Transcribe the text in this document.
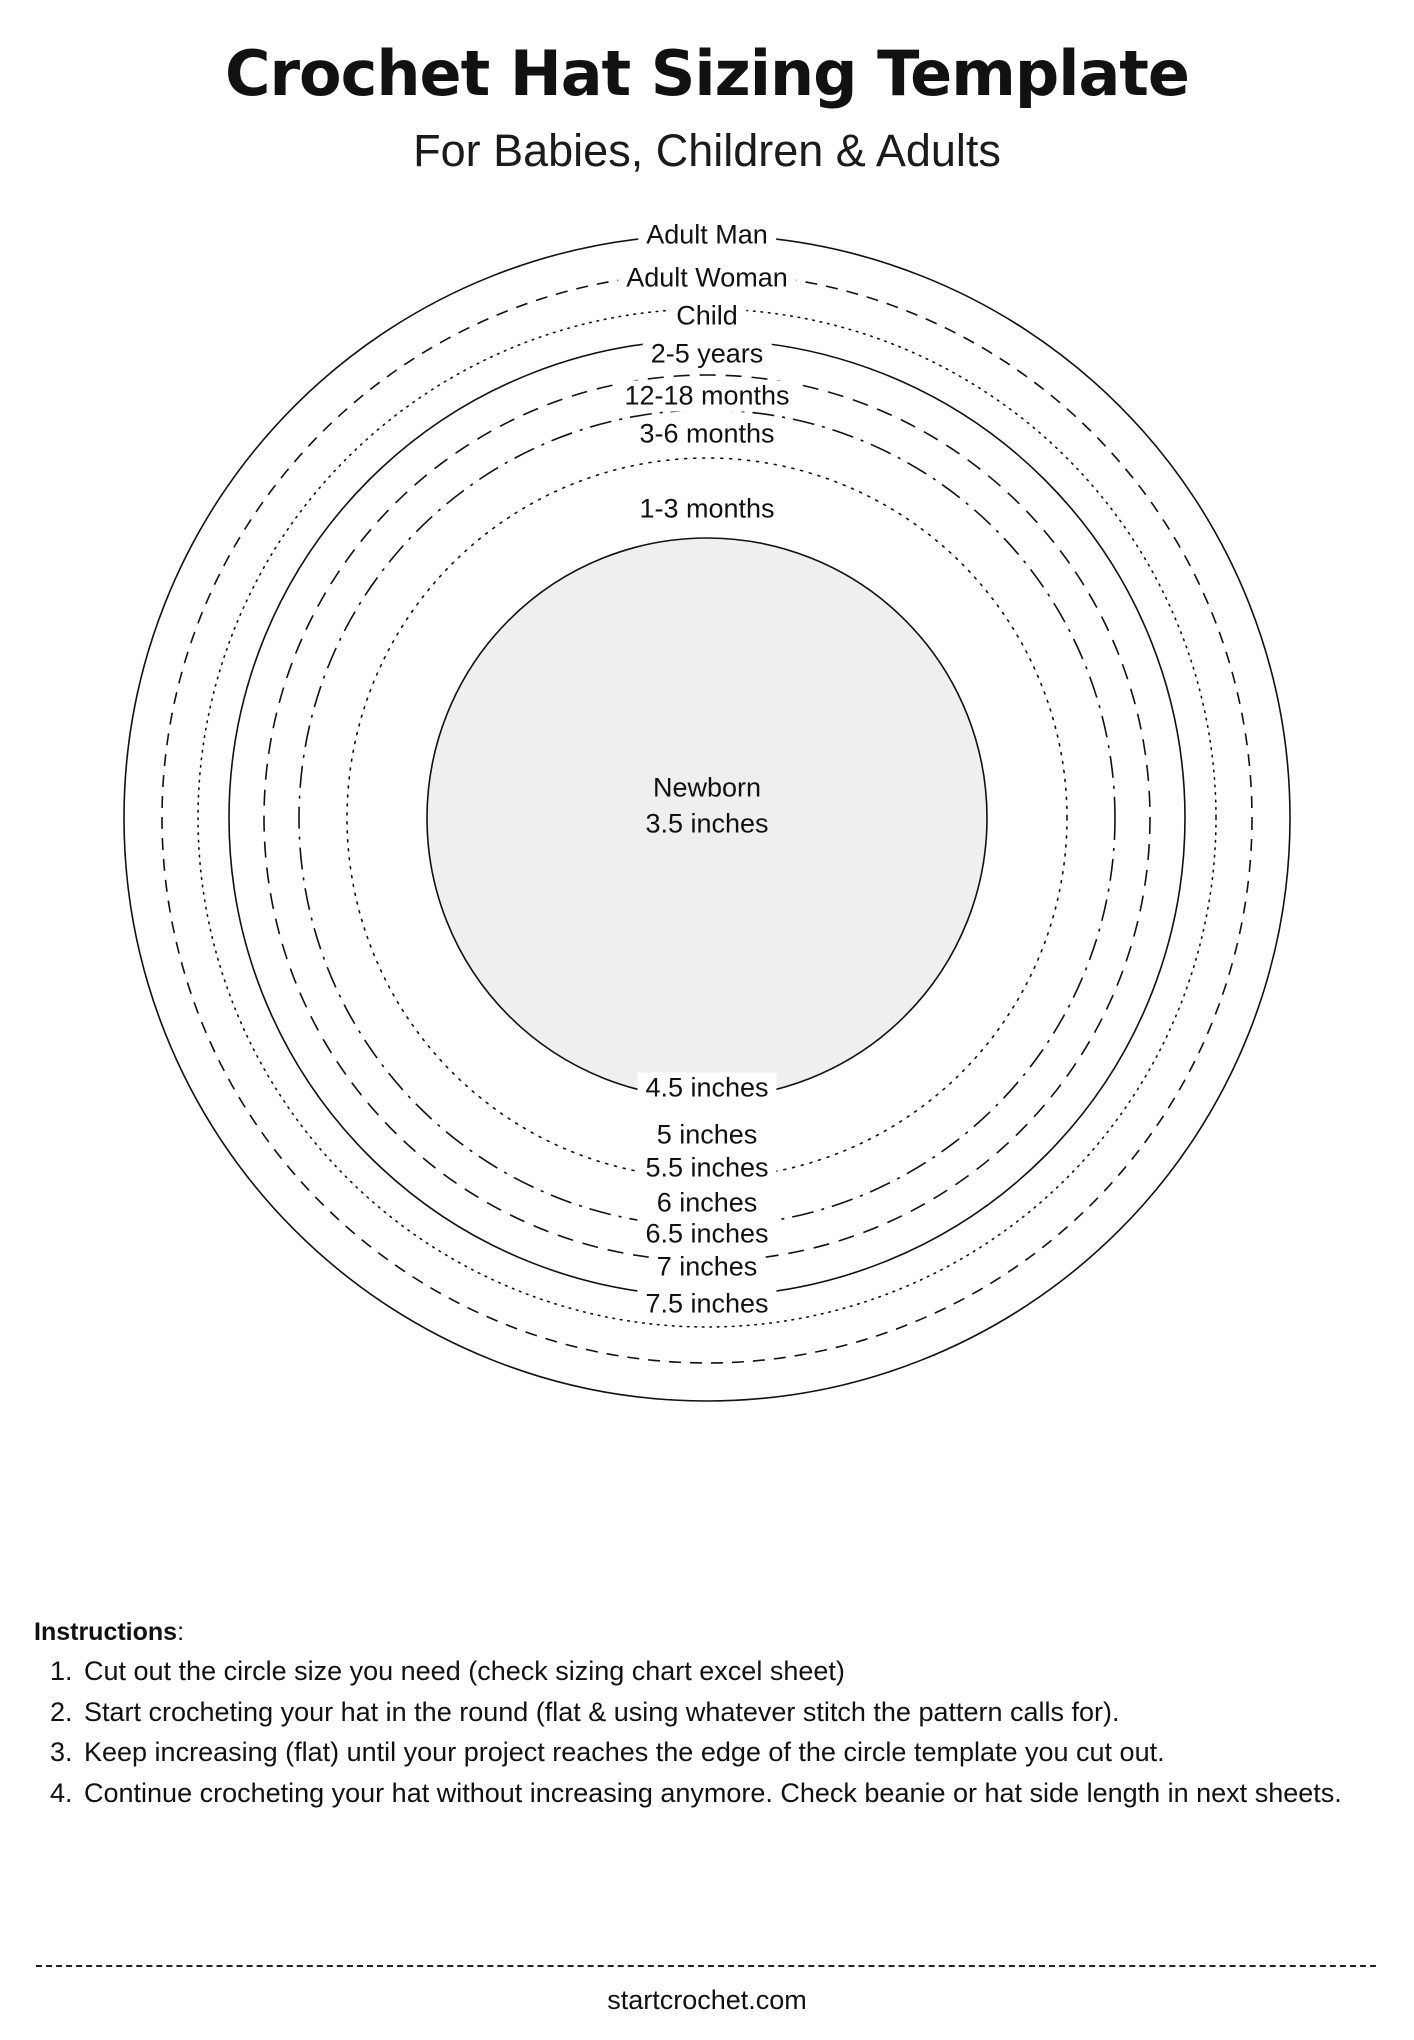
Crochet Hat Sizing Template
For Babies, Children & Adults
Adult Man
Adult Woman
Child
2-5 years
12-18 months
3-6 months
1-3 months
Newborn
3.5 inches
4.5 inches
5 inches
5.5 inches
6 inches
6.5 inches
7 inches
7.5 inches
Instructions:
1. Cut out the circle size you need (check sizing chart excel sheet)
2. Start crocheting your hat in the round (flat & using whatever stitch the pattern calls for).
3. Keep increasing (flat) until your project reaches the edge of the circle template you cut out.
4. Continue crocheting your hat without increasing anymore. Check beanie or hat side length in next sheets.
startcrochet.com
